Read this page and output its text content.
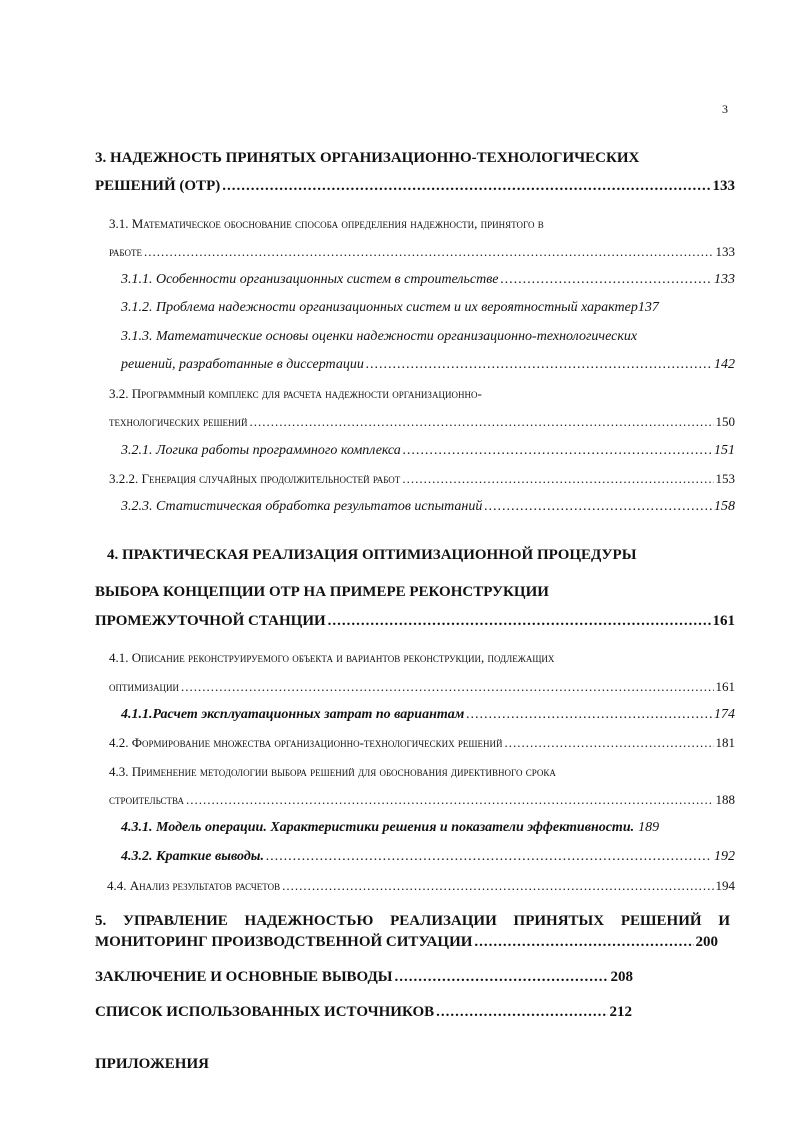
3
3. НАДЕЖНОСТЬ ПРИНЯТЫХ ОРГАНИЗАЦИОННО-ТЕХНОЛОГИЧЕСКИХ
РЕШЕНИЙ (ОТР) .....	133
3.1. Математическое обоснование способа определения надежности, принятого в
работе .....	133
3.1.1. Особенности организационных систем в строительстве .....	133
3.1.2. Проблема надежности организационных систем и их вероятностный характер137
3.1.3. Математические основы оценки надежности организационно-технологических
решений, разработанные в диссертации .....	142
3.2. Программный комплекс для расчета надежности организационно-
технологических решений .....	150
3.2.1. Логика работы программного комплекса .....	151
3.2.2. Генерация случайных продолжительностей работ .....	153
3.2.3. Статистическая обработка результатов испытаний .....	158
4. ПРАКТИЧЕСКАЯ РЕАЛИЗАЦИЯ ОПТИМИЗАЦИОННОЙ ПРОЦЕДУРЫ
ВЫБОРА КОНЦЕПЦИИ ОТР НА ПРИМЕРЕ РЕКОНСТРУКЦИИ
ПРОМЕЖУТОЧНОЙ СТАНЦИИ .....	161
4.1. Описание реконструируемого объекта и вариантов реконструкции, подлежащих
оптимизации .....	161
4.1.1.Расчет эксплуатационных затрат по вариантам .....	174
4.2. Формирование множества организационно-технологических решений .....	181
4.3. Применение методологии выбора решений для обоснования директивного срока
строительства .....	188
4.3.1. Модель операции. Характеристики решения и показатели эффективности. 189
4.3.2. Краткие выводы. .....	192
4.4. Анализ результатов расчетов .....	194
5. УПРАВЛЕНИЕ НАДЕЖНОСТЬЮ РЕАЛИЗАЦИИ ПРИНЯТЫХ РЕШЕНИЙ И
МОНИТОРИНГ ПРОИЗВОДСТВЕННОЙ СИТУАЦИИ .....	200
ЗАКЛЮЧЕНИЕ И ОСНОВНЫЕ ВЫВОДЫ .....	208
СПИСОК ИСПОЛЬЗОВАННЫХ ИСТОЧНИКОВ .....	212
ПРИЛОЖЕНИЯ
